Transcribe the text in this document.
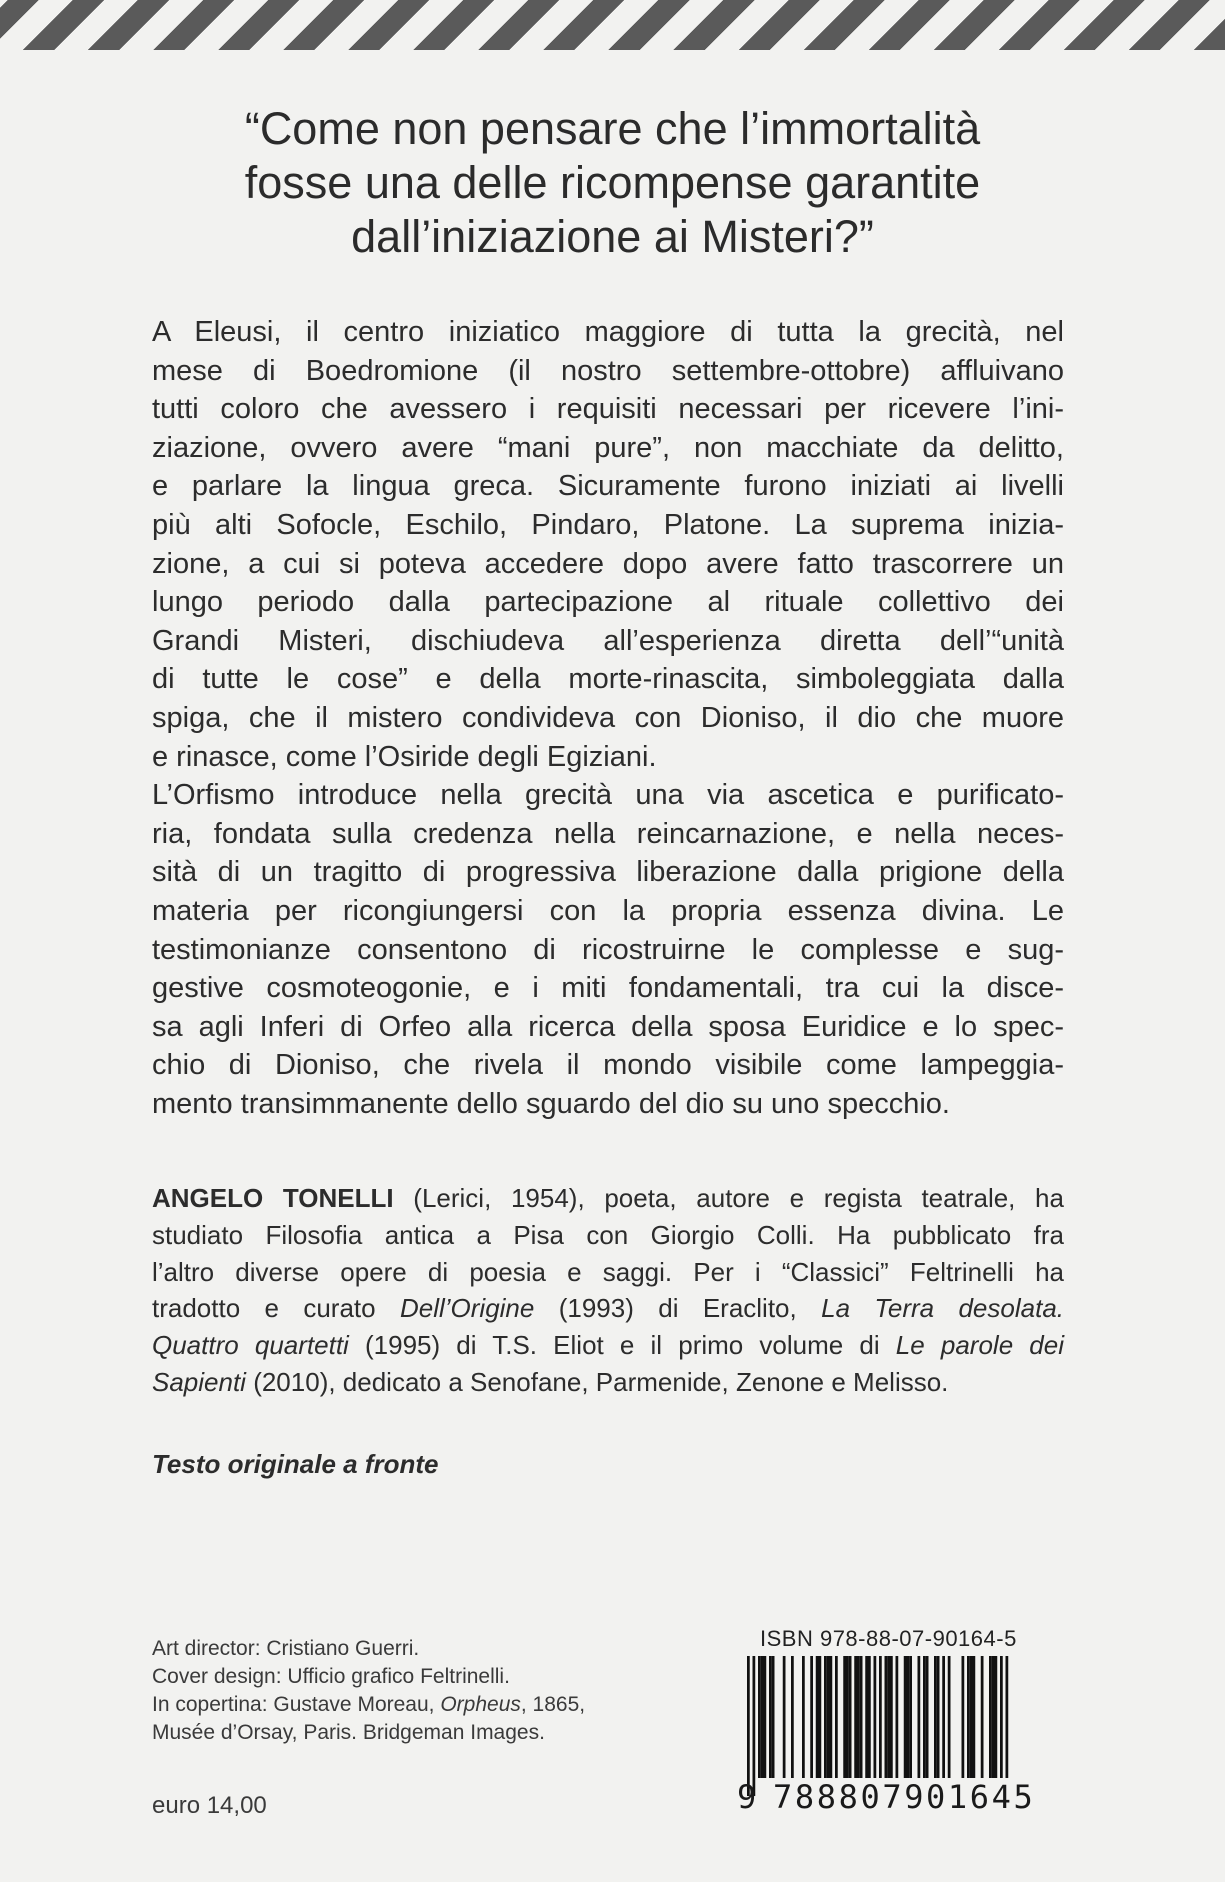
“Come non pensare che l’immortalità
fosse una delle ricompense garantite
dall’iniziazione ai Misteri?”
A Eleusi, il centro iniziatico maggiore di tutta la grecità, nel
mese di Boedromione (il nostro settembre-ottobre) affluivano
tutti coloro che avessero i requisiti necessari per ricevere l’ini-
ziazione, ovvero avere “mani pure”, non macchiate da delitto,
e parlare la lingua greca. Sicuramente furono iniziati ai livelli
più alti Sofocle, Eschilo, Pindaro, Platone. La suprema inizia-
zione, a cui si poteva accedere dopo avere fatto trascorrere un
lungo periodo dalla partecipazione al rituale collettivo dei
Grandi Misteri, dischiudeva all’esperienza diretta dell’“unità
di tutte le cose” e della morte-rinascita, simboleggiata dalla
spiga, che il mistero condivideva con Dioniso, il dio che muore
e rinasce, come l’Osiride degli Egiziani.
L’Orfismo introduce nella grecità una via ascetica e purificato-
ria, fondata sulla credenza nella reincarnazione, e nella neces-
sità di un tragitto di progressiva liberazione dalla prigione della
materia per ricongiungersi con la propria essenza divina. Le
testimonianze consentono di ricostruirne le complesse e sug-
gestive cosmoteogonie, e i miti fondamentali, tra cui la disce-
sa agli Inferi di Orfeo alla ricerca della sposa Euridice e lo spec-
chio di Dioniso, che rivela il mondo visibile come lampeggia-
mento transimmanente dello sguardo del dio su uno specchio.
ANGELO TONELLI (Lerici, 1954), poeta, autore e regista teatrale, ha
studiato Filosofia antica a Pisa con Giorgio Colli. Ha pubblicato fra
l’altro diverse opere di poesia e saggi. Per i “Classici” Feltrinelli ha
tradotto e curato Dell’Origine (1993) di Eraclito, La Terra desolata.
Quattro quartetti (1995) di T.S. Eliot e il primo volume di Le parole dei
Sapienti (2010), dedicato a Senofane, Parmenide, Zenone e Melisso.
Testo originale a fronte
Art director: Cristiano Guerri.
Cover design: Ufficio grafico Feltrinelli.
In copertina: Gustave Moreau, Orpheus, 1865,
Musée d’Orsay, Paris. Bridgeman Images.
euro 14,00
ISBN 978-88-07-90164-5
9 788807901645
